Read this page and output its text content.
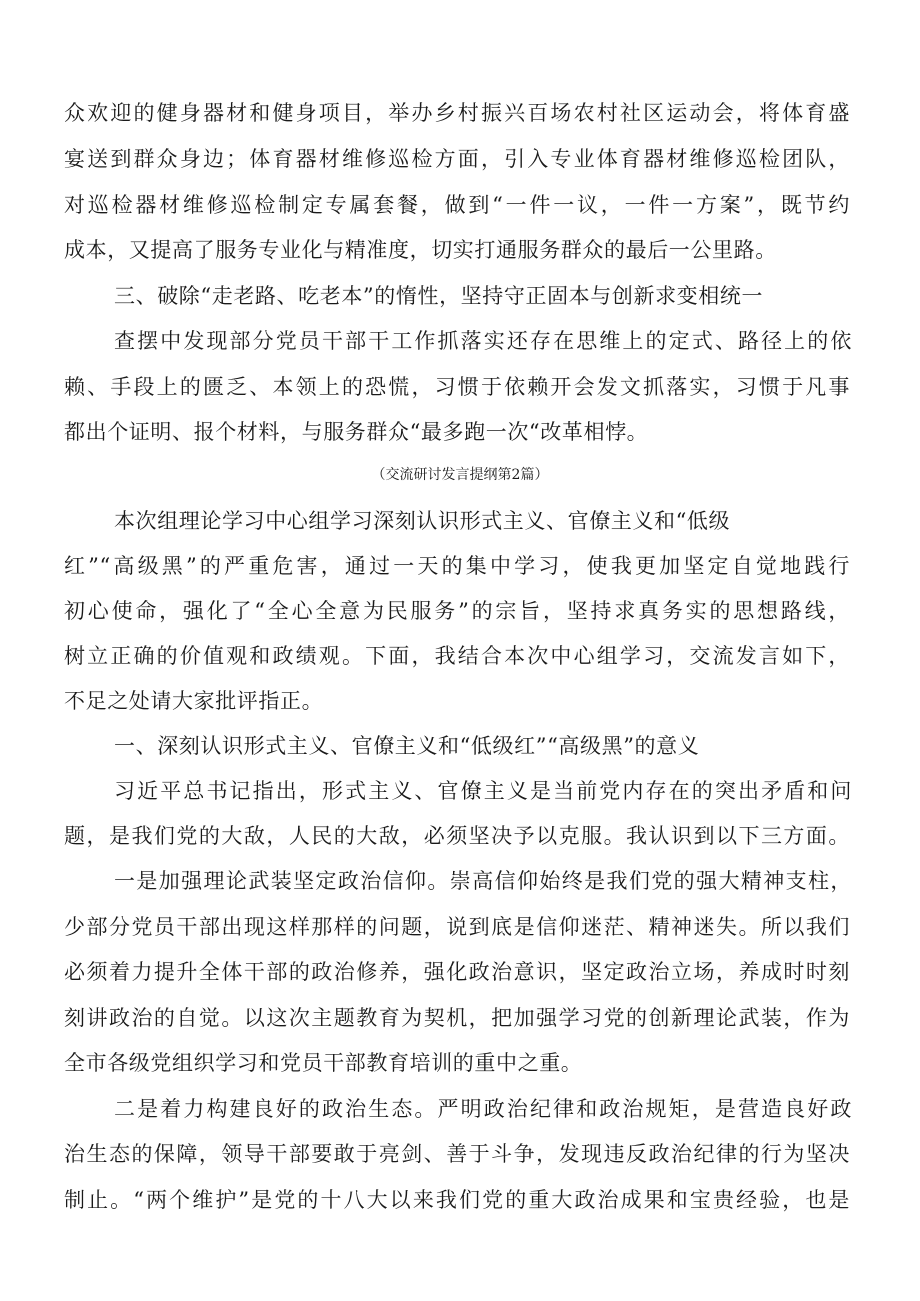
众欢迎的健身器材和健身项目，举办乡村振兴百场农村社区运动会，将体育盛
宴送到群众身边；体育器材维修巡检方面，引入专业体育器材维修巡检团队，
对巡检器材维修巡检制定专属套餐，做到“一件一议，一件一方案”，既节约
成本，又提高了服务专业化与精准度，切实打通服务群众的最后一公里路。
三、破除“走老路、吃老本”的惰性，坚持守正固本与创新求变相统一
查摆中发现部分党员干部干工作抓落实还存在思维上的定式、路径上的依
赖、手段上的匮乏、本领上的恐慌，习惯于依赖开会发文抓落实，习惯于凡事
都出个证明、报个材料，与服务群众“最多跑一次“改革相悖。
（交流研讨发言提纲第2篇）
本次组理论学习中心组学习深刻认识形式主义、官僚主义和“低级
红”“高级黑”的严重危害，通过一天的集中学习，使我更加坚定自觉地践行
初心使命，强化了“全心全意为民服务”的宗旨，坚持求真务实的思想路线，
树立正确的价值观和政绩观。下面，我结合本次中心组学习，交流发言如下，
不足之处请大家批评指正。
一、深刻认识形式主义、官僚主义和“低级红”“高级黑”的意义
习近平总书记指出，形式主义、官僚主义是当前党内存在的突出矛盾和问
题，是我们党的大敌，人民的大敌，必须坚决予以克服。我认识到以下三方面。
一是加强理论武装坚定政治信仰。崇高信仰始终是我们党的强大精神支柱，
少部分党员干部出现这样那样的问题，说到底是信仰迷茫、精神迷失。所以我们
必须着力提升全体干部的政治修养，强化政治意识，坚定政治立场，养成时时刻
刻讲政治的自觉。以这次主题教育为契机，把加强学习党的创新理论武装，作为
全市各级党组织学习和党员干部教育培训的重中之重。
二是着力构建良好的政治生态。严明政治纪律和政治规矩，是营造良好政
治生态的保障，领导干部要敢于亮剑、善于斗争，发现违反政治纪律的行为坚决
制止。“两个维护”是党的十八大以来我们党的重大政治成果和宝贵经验，也是
